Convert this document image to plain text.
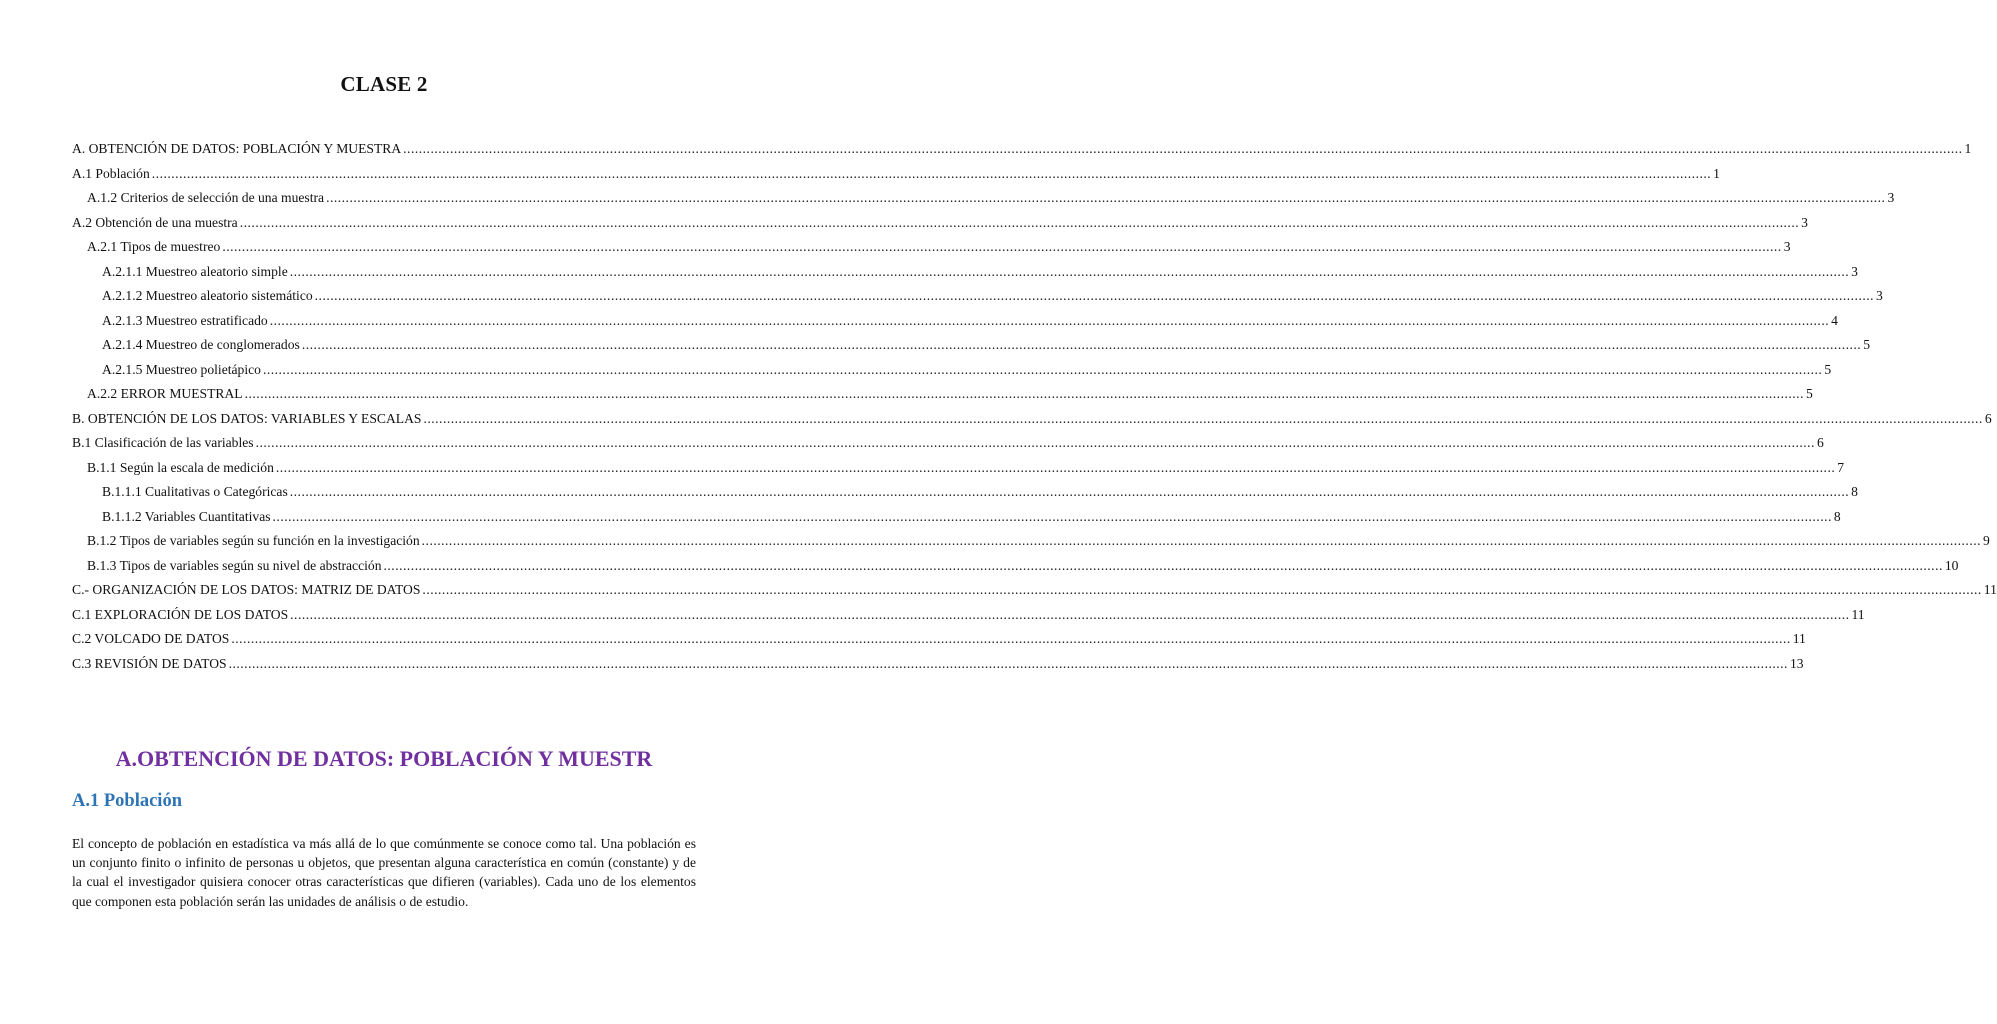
CLASE 2
A. OBTENCIÓN DE DATOS: POBLACIÓN Y MUESTRA ................................................................................................................................................................................................................................................................................................................................................................................................................ 1
A.1 Población ................................................................................................................................................................................................................................................................................................................................................................................................................ 1
A.1.2 Criterios de selección de una muestra ................................................................................................................................................................................................................................................................................................................................................................................................................ 3
A.2 Obtención de una muestra ................................................................................................................................................................................................................................................................................................................................................................................................................ 3
A.2.1 Tipos de muestreo ................................................................................................................................................................................................................................................................................................................................................................................................................ 3
A.2.1.1 Muestreo aleatorio simple ................................................................................................................................................................................................................................................................................................................................................................................................................ 3
A.2.1.2 Muestreo aleatorio sistemático ................................................................................................................................................................................................................................................................................................................................................................................................................ 3
A.2.1.3 Muestreo estratificado ................................................................................................................................................................................................................................................................................................................................................................................................................ 4
A.2.1.4 Muestreo de conglomerados ................................................................................................................................................................................................................................................................................................................................................................................................................ 5
A.2.1.5 Muestreo polietápico ................................................................................................................................................................................................................................................................................................................................................................................................................ 5
A.2.2 ERROR MUESTRAL ................................................................................................................................................................................................................................................................................................................................................................................................................ 5
B. OBTENCIÓN DE LOS DATOS: VARIABLES Y ESCALAS ................................................................................................................................................................................................................................................................................................................................................................................................................ 6
B.1 Clasificación de las variables ................................................................................................................................................................................................................................................................................................................................................................................................................ 6
B.1.1 Según la escala de medición ................................................................................................................................................................................................................................................................................................................................................................................................................ 7
B.1.1.1 Cualitativas o Categóricas ................................................................................................................................................................................................................................................................................................................................................................................................................ 8
B.1.1.2 Variables Cuantitativas ................................................................................................................................................................................................................................................................................................................................................................................................................ 8
B.1.2 Tipos de variables según su función en la investigación ................................................................................................................................................................................................................................................................................................................................................................................................................ 9
B.1.3 Tipos de variables según su nivel de abstracción ................................................................................................................................................................................................................................................................................................................................................................................................................ 10
C.- ORGANIZACIÓN DE LOS DATOS: MATRIZ DE DATOS ................................................................................................................................................................................................................................................................................................................................................................................................................ 11
C.1 EXPLORACIÓN DE LOS DATOS ................................................................................................................................................................................................................................................................................................................................................................................................................ 11
C.2 VOLCADO DE DATOS ................................................................................................................................................................................................................................................................................................................................................................................................................ 11
C.3 REVISIÓN DE DATOS ................................................................................................................................................................................................................................................................................................................................................................................................................ 13
A.OBTENCIÓN DE DATOS: POBLACIÓN Y MUESTR
A.1 Población
El concepto de población en estadística va más allá de lo que comúnmente se conoce como tal. Una población es un conjunto finito o infinito de personas u objetos, que presentan alguna característica en común (constante) y de la cual el investigador quisiera conocer otras características que difieren (variables). Cada uno de los elementos que componen esta población serán las unidades de análisis o de estudio.
